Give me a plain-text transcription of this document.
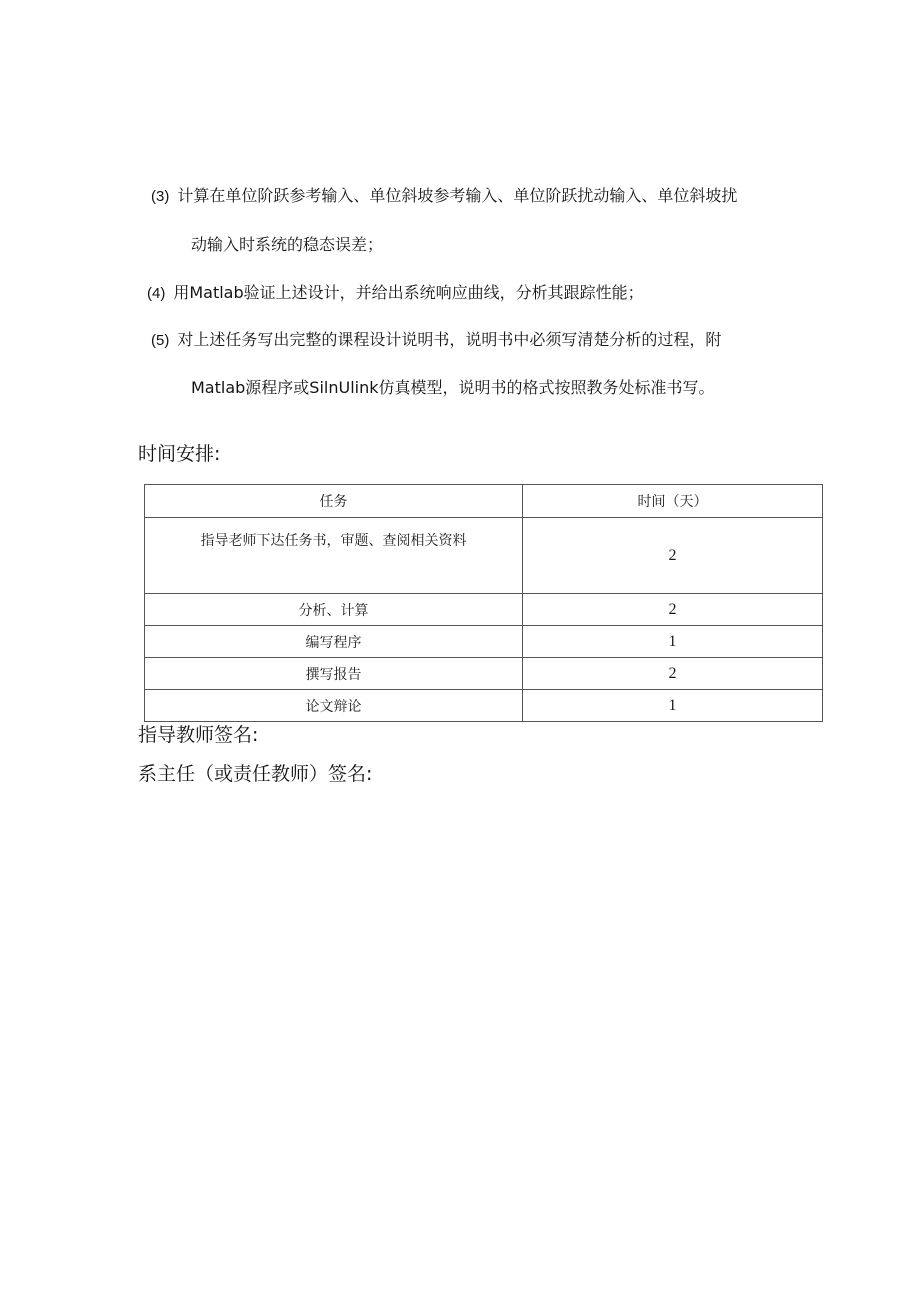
(3) 计算在单位阶跃参考输入、单位斜坡参考输入、单位阶跃扰动输入、单位斜坡扰
动输入时系统的稳态误差；
(4) 用Matlab验证上述设计，并给出系统响应曲线，分析其跟踪性能；
(5) 对上述任务写出完整的课程设计说明书，说明书中必须写清楚分析的过程，附
Matlab源程序或SilnUlink仿真模型，说明书的格式按照教务处标准书写。
时间安排:
任务	时间（天）
指导老师下达任务书，审题、查阅相关资料	2
分析、计算	2
编写程序	1
撰写报告	2
论文辩论	1
指导教师签名:
系主任（或责任教师）签名:
